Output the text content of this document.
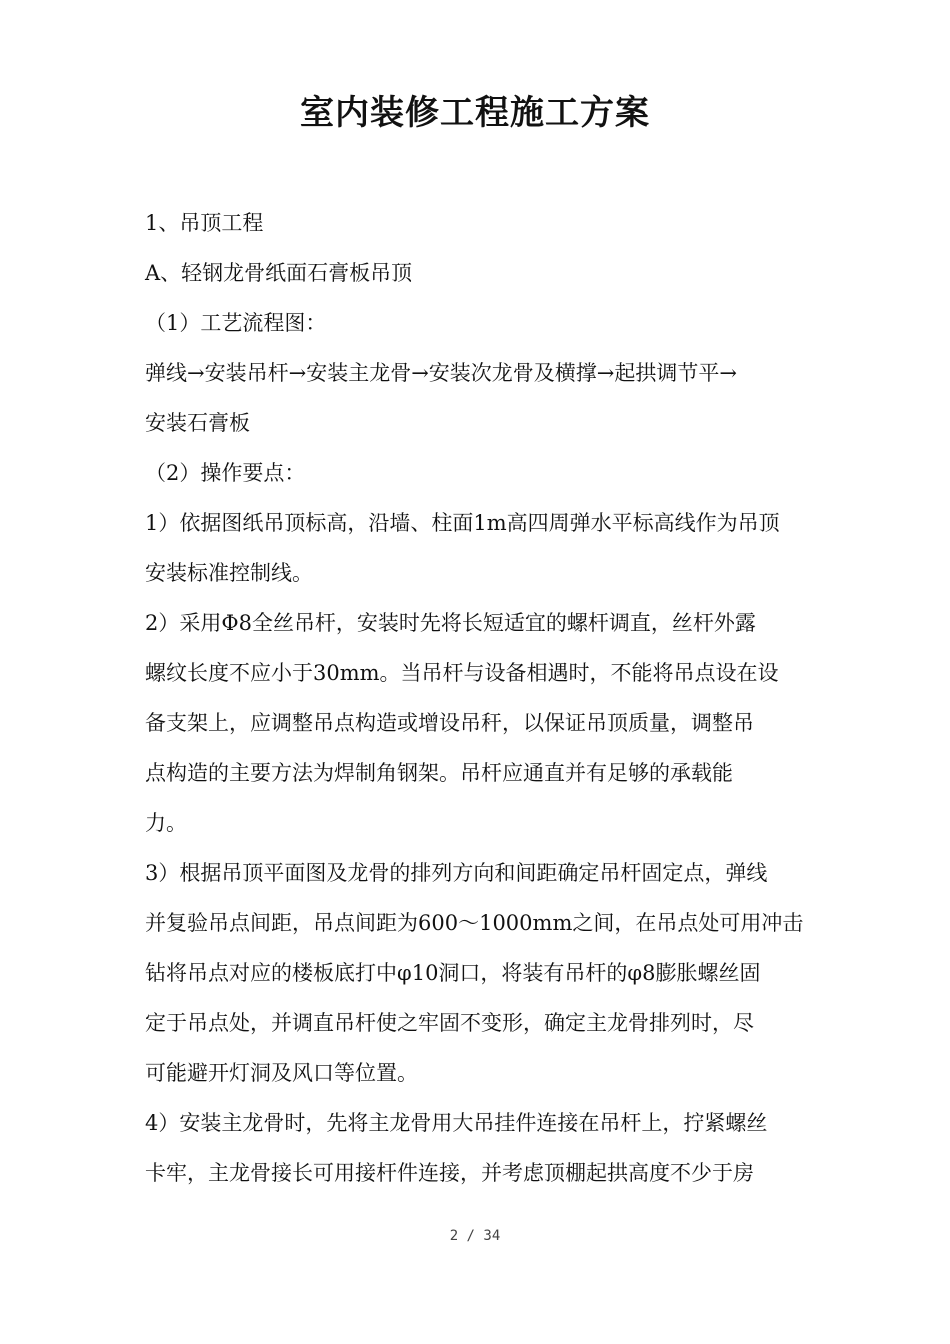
室内装修工程施工方案
1、吊顶工程
A、轻钢龙骨纸面石膏板吊顶
（1）工艺流程图：
弹线→安装吊杆→安装主龙骨→安装次龙骨及横撑→起拱调节平→
安装石膏板
（2）操作要点：
1）依据图纸吊顶标高，沿墙、柱面1m高四周弹水平标高线作为吊顶
安装标准控制线。
2）采用Φ8全丝吊杆，安装时先将长短适宜的螺杆调直，丝杆外露
螺纹长度不应小于30mm。当吊杆与设备相遇时，不能将吊点设在设
备支架上，应调整吊点构造或增设吊秆，以保证吊顶质量，调整吊
点构造的主要方法为焊制角钢架。吊杆应通直并有足够的承载能
力。
3）根据吊顶平面图及龙骨的排列方向和间距确定吊杆固定点，弹线
并复验吊点间距，吊点间距为600～1000mm之间，在吊点处可用冲击
钻将吊点对应的楼板底打中φ10洞口，将装有吊杆的φ8膨胀螺丝固
定于吊点处，并调直吊杆使之牢固不变形，确定主龙骨排列时，尽
可能避开灯洞及风口等位置。
4）安装主龙骨时，先将主龙骨用大吊挂件连接在吊杆上，拧紧螺丝
卡牢，主龙骨接长可用接杆件连接，并考虑顶棚起拱高度不少于房
2 / 34
